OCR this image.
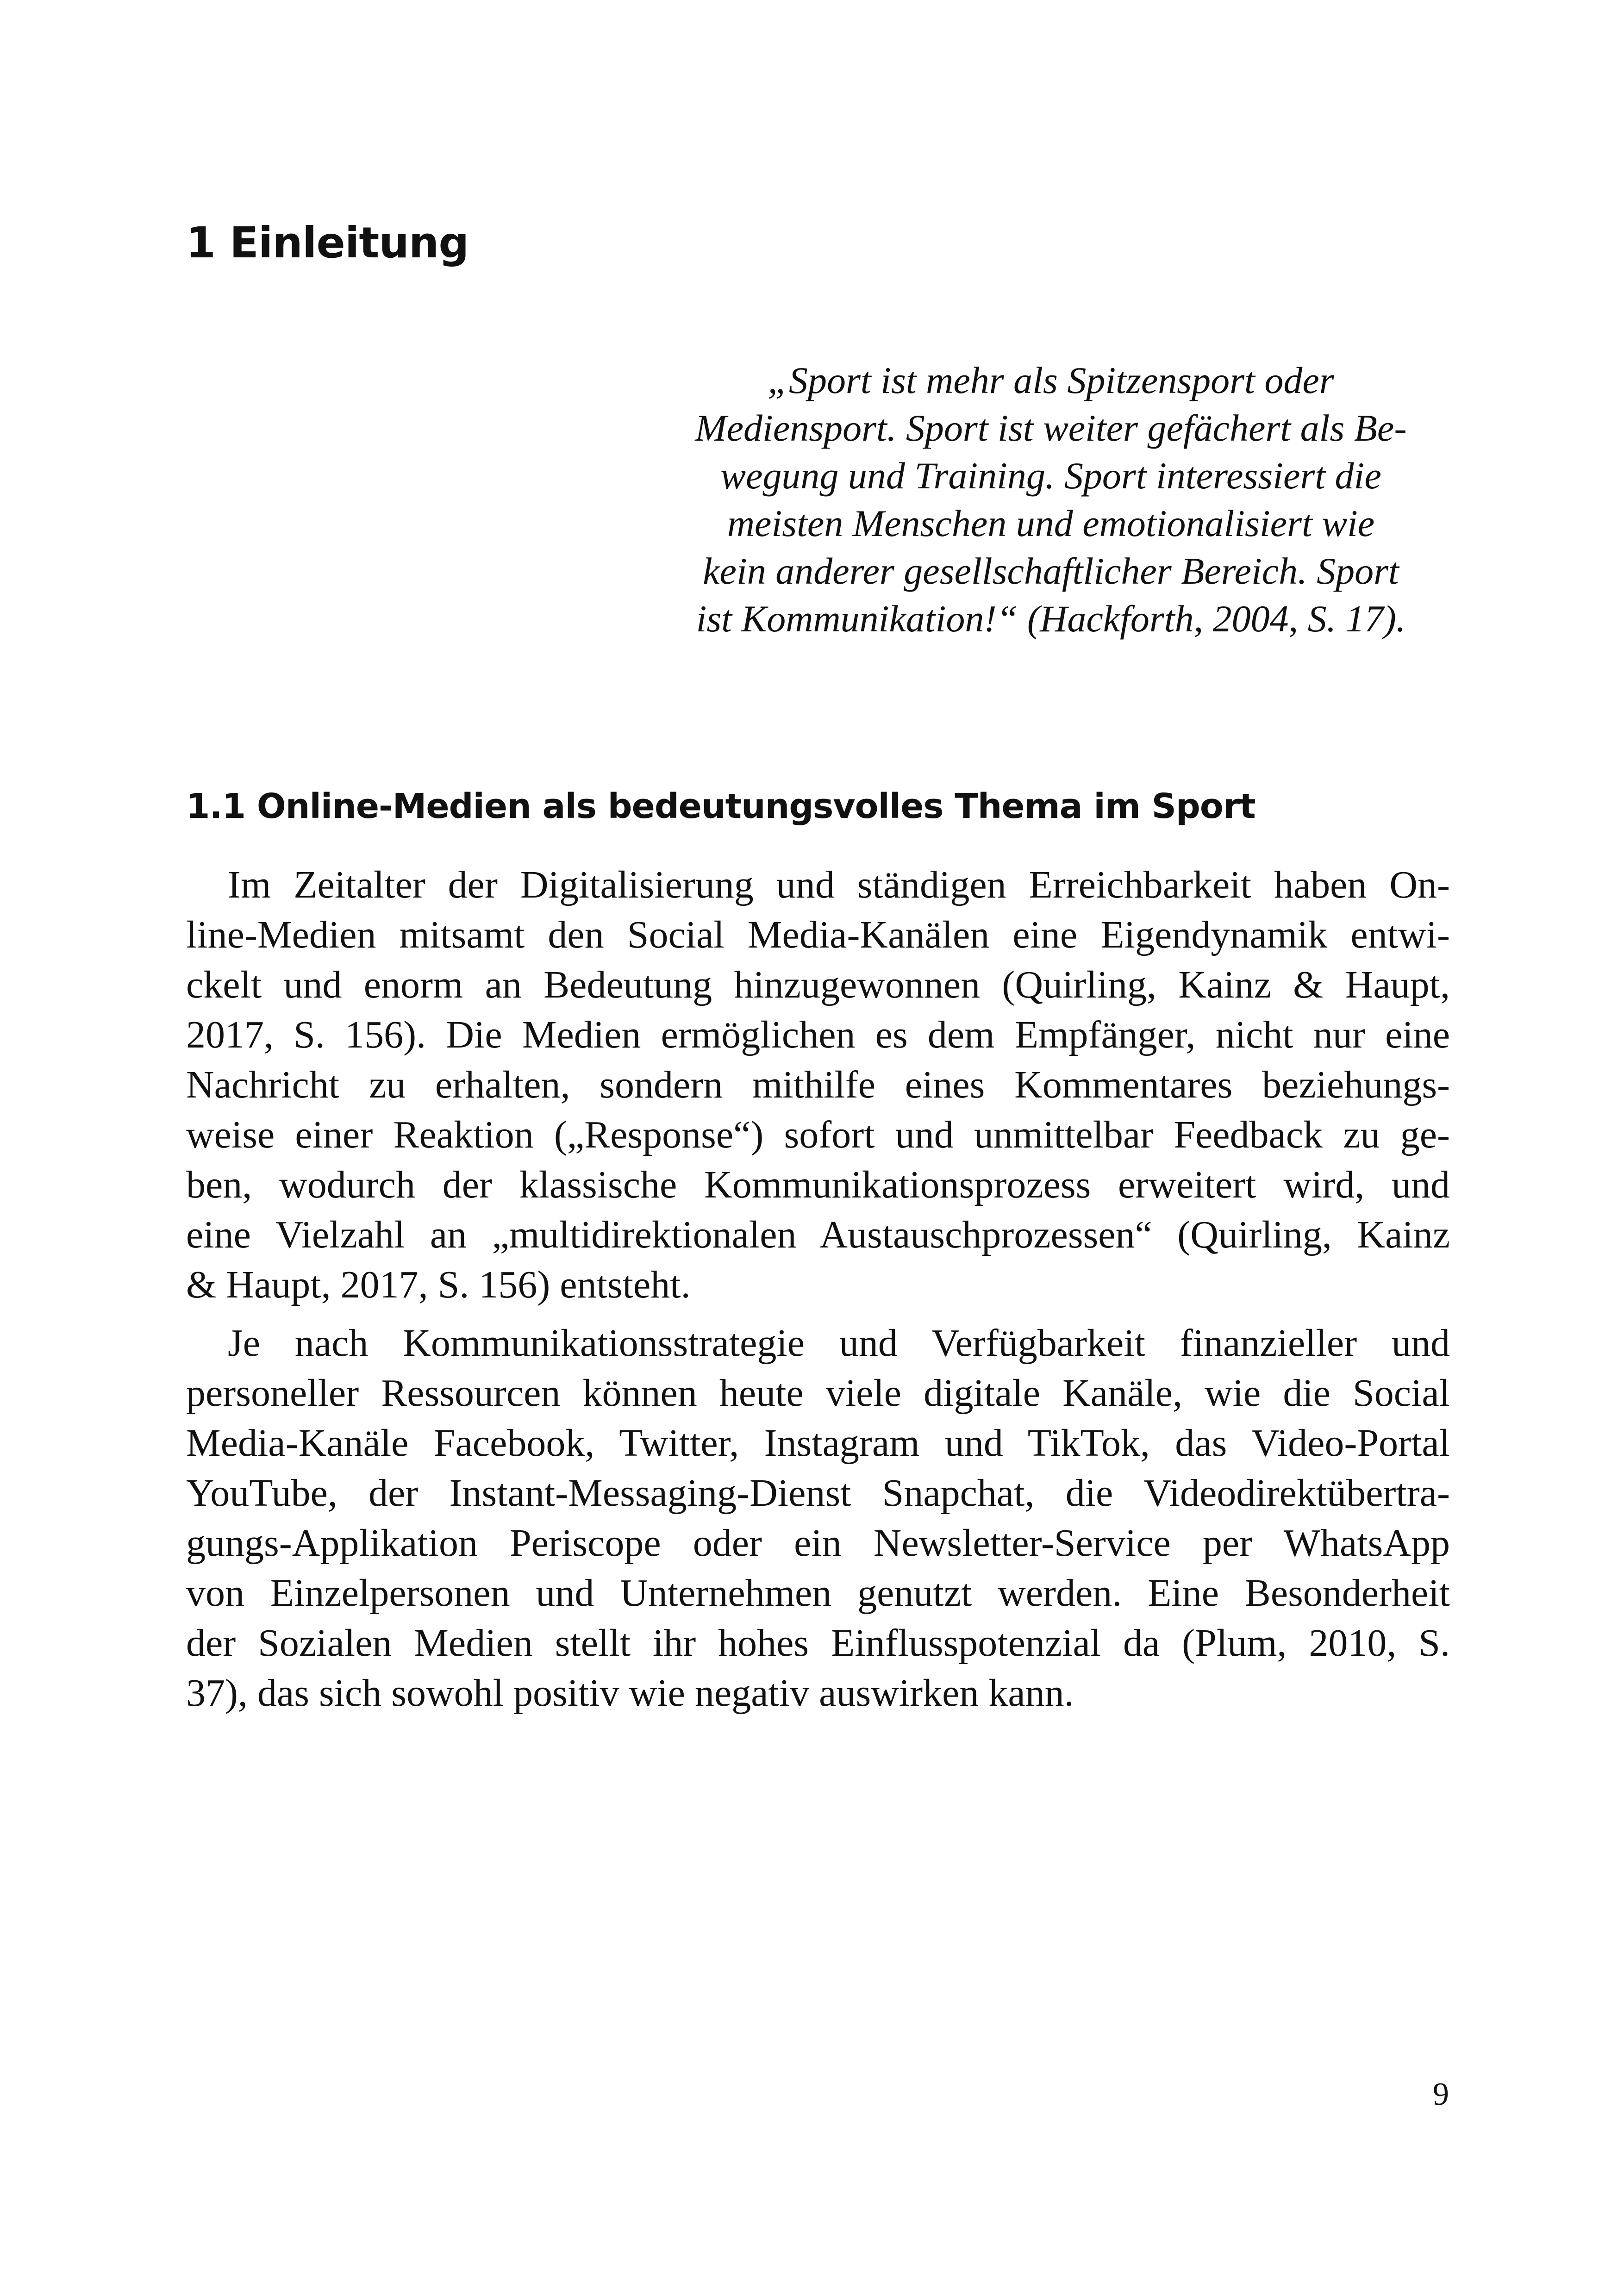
1 Einleitung
„Sport ist mehr als Spitzensport oder
Mediensport. Sport ist weiter gefächert als Be-
wegung und Training. Sport interessiert die
meisten Menschen und emotionalisiert wie
kein anderer gesellschaftlicher Bereich. Sport
ist Kommunikation!“ (Hackforth, 2004, S. 17).
1.1 Online-Medien als bedeutungsvolles Thema im Sport
Im Zeitalter der Digitalisierung und ständigen Erreichbarkeit haben On-
line-Medien mitsamt den Social Media-Kanälen eine Eigendynamik entwi-
ckelt und enorm an Bedeutung hinzugewonnen (Quirling, Kainz & Haupt,
2017, S. 156). Die Medien ermöglichen es dem Empfänger, nicht nur eine
Nachricht zu erhalten, sondern mithilfe eines Kommentares beziehungs-
weise einer Reaktion („Response“) sofort und unmittelbar Feedback zu ge-
ben, wodurch der klassische Kommunikationsprozess erweitert wird, und
eine Vielzahl an „multidirektionalen Austauschprozessen“ (Quirling, Kainz
& Haupt, 2017, S. 156) entsteht.
Je nach Kommunikationsstrategie und Verfügbarkeit finanzieller und
personeller Ressourcen können heute viele digitale Kanäle, wie die Social
Media-Kanäle Facebook, Twitter, Instagram und TikTok, das Video-Portal
YouTube, der Instant-Messaging-Dienst Snapchat, die Videodirektübertra-
gungs-Applikation Periscope oder ein Newsletter-Service per WhatsApp
von Einzelpersonen und Unternehmen genutzt werden. Eine Besonderheit
der Sozialen Medien stellt ihr hohes Einflusspotenzial da (Plum, 2010, S.
37), das sich sowohl positiv wie negativ auswirken kann.
9
